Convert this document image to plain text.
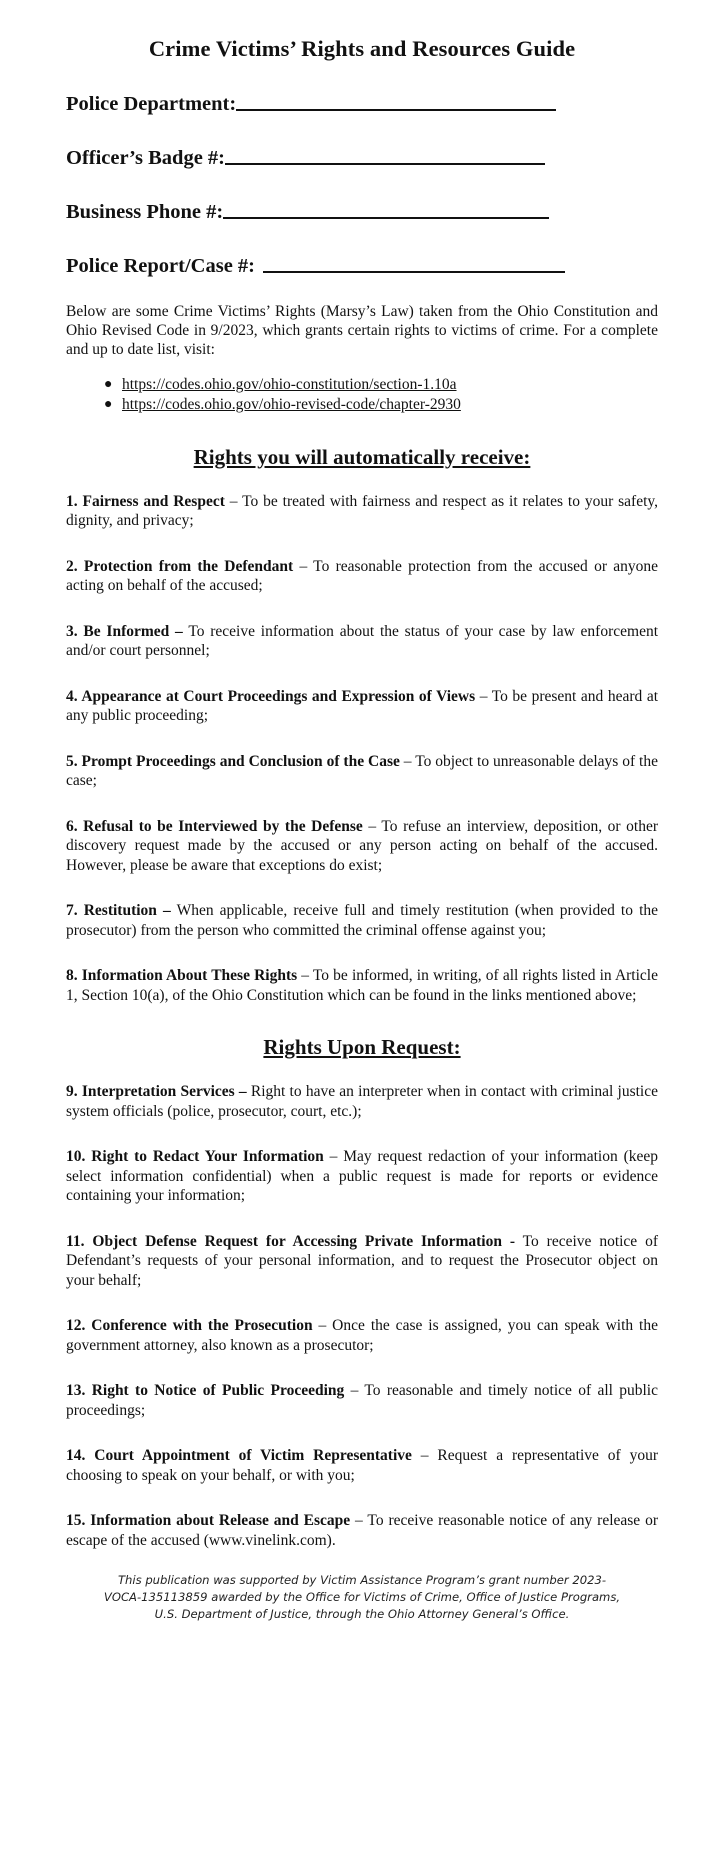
Crime Victims’ Rights and Resources Guide
Police Department:
Officer’s Badge #:
Business Phone #:
Police Report/Case #:

Below are some Crime Victims’ Rights (Marsy’s Law) taken from the Ohio Constitution and Ohio Revised Code in 9/2023, which grants certain rights to victims of crime. For a complete and up to date list, visit:

● https://codes.ohio.gov/ohio-constitution/section-1.10a
● https://codes.ohio.gov/ohio-revised-code/chapter-2930
Rights you will automatically receive:

1. Fairness and Respect – To be treated with fairness and respect as it relates to your safety, dignity, and privacy;

2. Protection from the Defendant – To reasonable protection from the accused or anyone acting on behalf of the accused;

3. Be Informed – To receive information about the status of your case by law enforcement and/or court personnel;

4. Appearance at Court Proceedings and Expression of Views – To be present and heard at any public proceeding;

5. Prompt Proceedings and Conclusion of the Case – To object to unreasonable delays of the case;

6. Refusal to be Interviewed by the Defense – To refuse an interview, deposition, or other discovery request made by the accused or any person acting on behalf of the accused. However, please be aware that exceptions do exist;

7. Restitution – When applicable, receive full and timely restitution (when provided to the prosecutor) from the person who committed the criminal offense against you;

8. Information About These Rights – To be informed, in writing, of all rights listed in Article 1, Section 10(a), of the Ohio Constitution which can be found in the links mentioned above;

Rights Upon Request:

9. Interpretation Services – Right to have an interpreter when in contact with criminal justice system officials (police, prosecutor, court, etc.);

10. Right to Redact Your Information – May request redaction of your information (keep select information confidential) when a public request is made for reports or evidence containing your information;

11. Object Defense Request for Accessing Private Information - To receive notice of Defendant’s requests of your personal information, and to request the Prosecutor object on your behalf;

12. Conference with the Prosecution – Once the case is assigned, you can speak with the government attorney, also known as a prosecutor;

13. Right to Notice of Public Proceeding – To reasonable and timely notice of all public proceedings;

14. Court Appointment of Victim Representative – Request a representative of your choosing to speak on your behalf, or with you;

15. Information about Release and Escape – To receive reasonable notice of any release or escape of the accused (www.vinelink.com).

This publication was supported by Victim Assistance Program’s grant number 2023-
VOCA-135113859 awarded by the Office for Victims of Crime, Office of Justice Programs,
U.S. Department of Justice, through the Ohio Attorney General’s Office.
